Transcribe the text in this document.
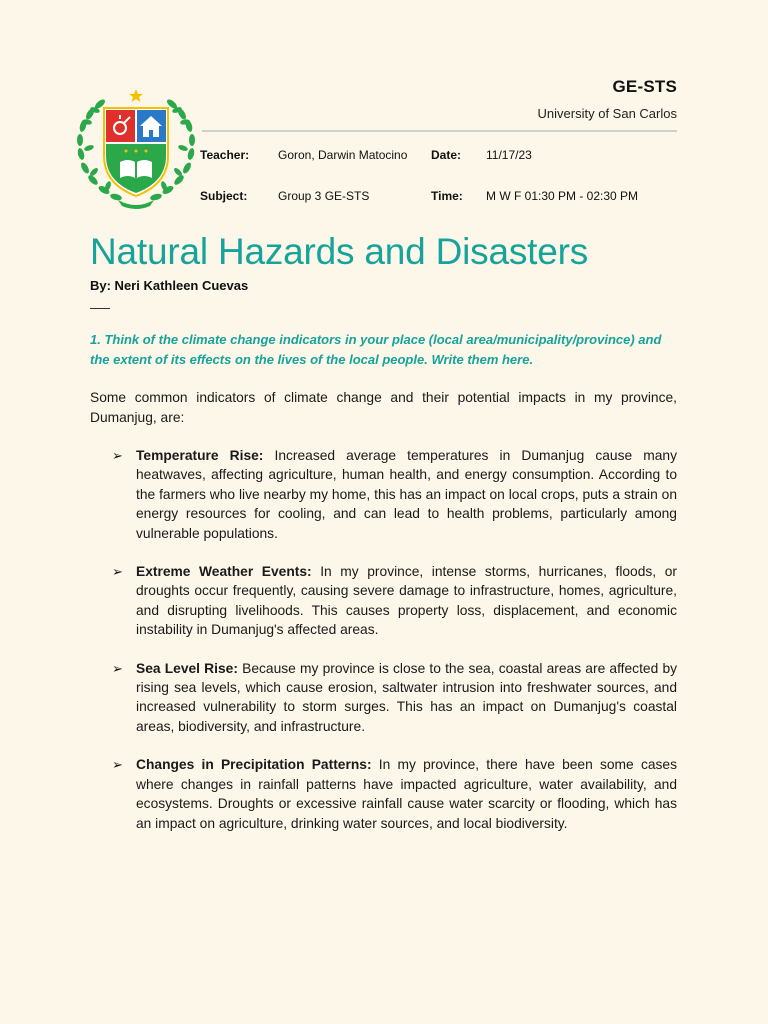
GE-STS
University of San Carlos
Teacher: Goron, Darwin Matocino Date: 11/17/23
Subject:	Group 3 GE-STS	Time: M W F 01:30 PM - 02:30 PM
Natural Hazards and Disasters
By: Neri Kathleen Cuevas

1. Think of the climate change indicators in your place (local area/municipality/province) and the extent of its effects on the lives of the local people. Write them here.

Some common indicators of climate change and their potential impacts in my province, Dumanjug, are:

➢ Temperature Rise: Increased average temperatures in Dumanjug cause many heatwaves, affecting agriculture, human health, and energy consumption. According to the farmers who live nearby my home, this has an impact on local crops, puts a strain on energy resources for cooling, and can lead to health problems, particularly among vulnerable populations.

➢ Extreme Weather Events: In my province, intense storms, hurricanes, floods, or droughts occur frequently, causing severe damage to infrastructure, homes, agriculture, and disrupting livelihoods. This causes property loss, displacement, and economic instability in Dumanjug's affected areas.

➢ Sea Level Rise: Because my province is close to the sea, coastal areas are affected by rising sea levels, which cause erosion, saltwater intrusion into freshwater sources, and increased vulnerability to storm surges. This has an impact on Dumanjug's coastal areas, biodiversity, and infrastructure.

➢ Changes in Precipitation Patterns: In my province, there have been some cases where changes in rainfall patterns have impacted agriculture, water availability, and ecosystems. Droughts or excessive rainfall cause water scarcity or flooding, which has an impact on agriculture, drinking water sources, and local biodiversity.
